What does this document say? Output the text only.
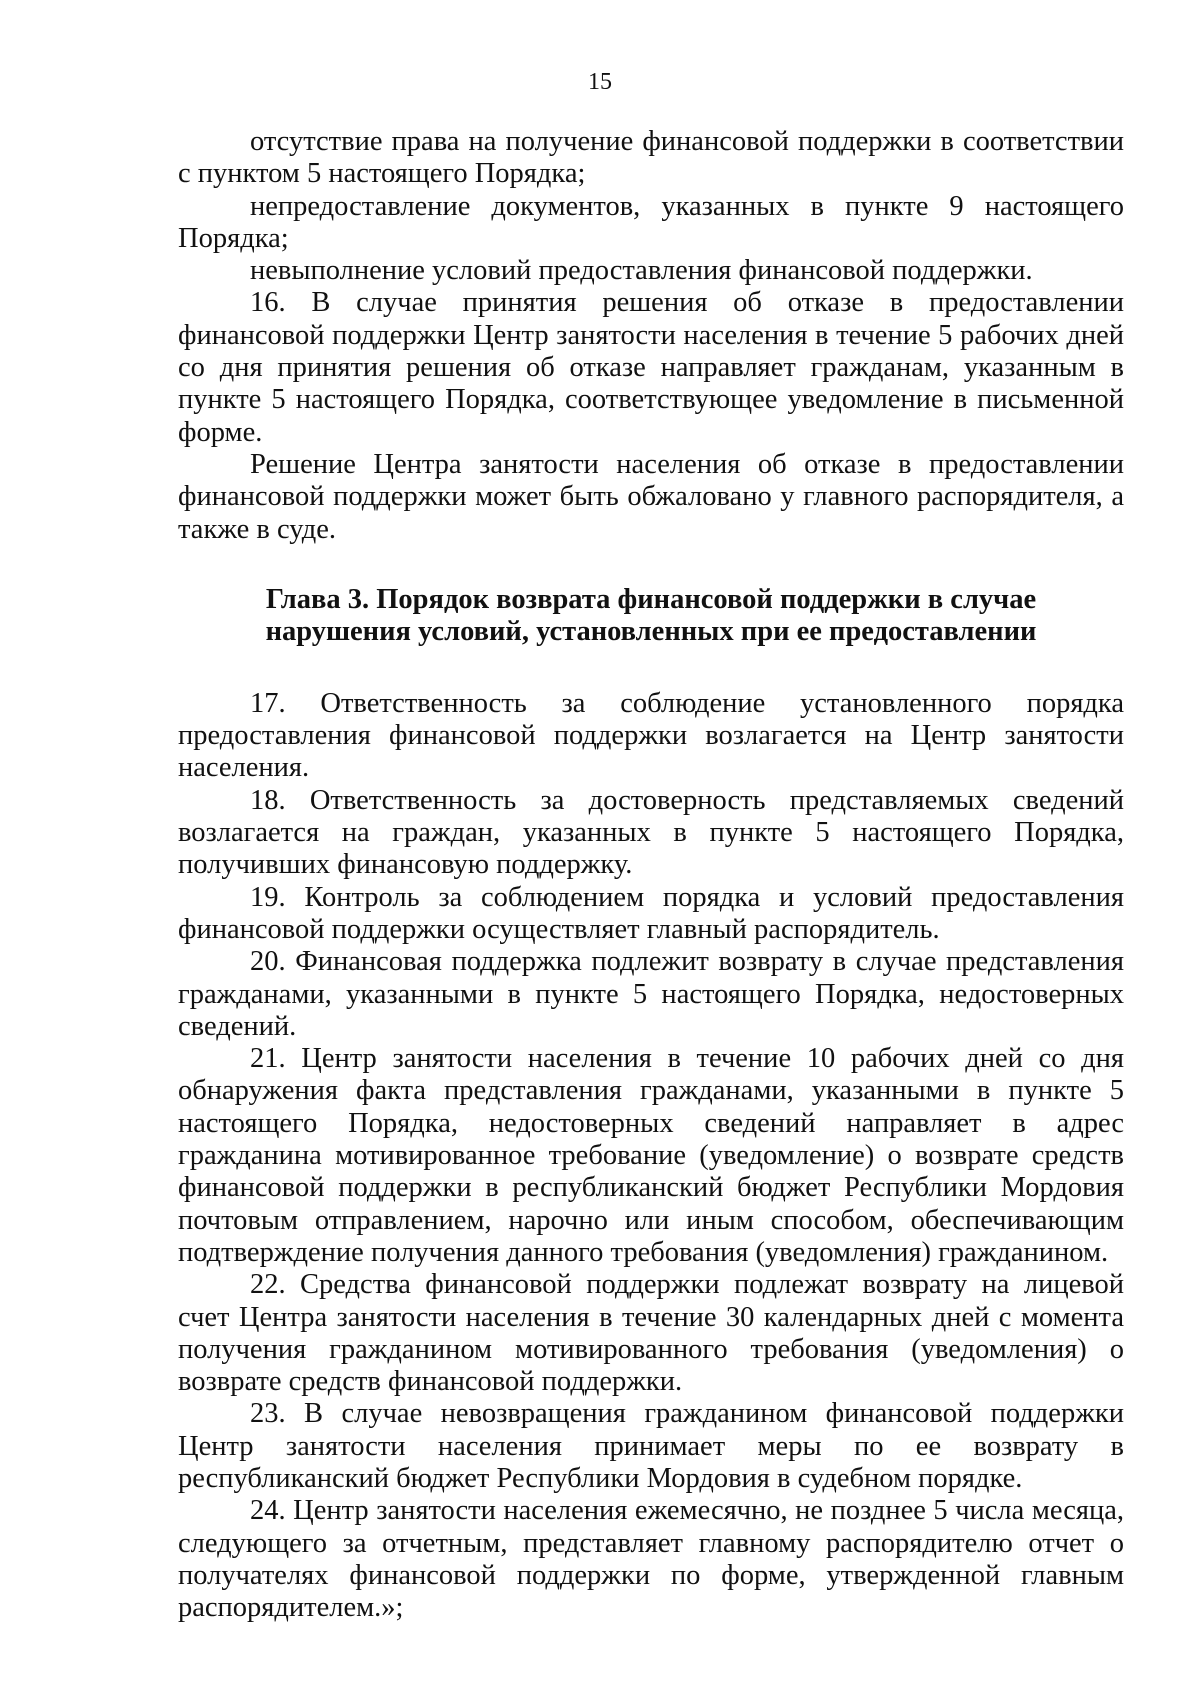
15

отсутствие права на получение финансовой поддержки в соответствии с пунктом 5 настоящего Порядка;

непредоставление документов, указанных в пункте 9 настоящего Порядка;

невыполнение условий предоставления финансовой поддержки.

16. В случае принятия решения об отказе в предоставлении финансовой поддержки Центр занятости населения в течение 5 рабочих дней со дня принятия решения об отказе направляет гражданам, указанным в пункте 5 настоящего Порядка, соответствующее уведомление в письменной форме.

Решение Центра занятости населения об отказе в предоставлении финансовой поддержки может быть обжаловано у главного распорядителя, а также в суде.

Глава 3. Порядок возврата финансовой поддержки в случае
нарушения условий, установленных при ее предоставлении

17. Ответственность за соблюдение установленного порядка предоставления финансовой поддержки возлагается на Центр занятости населения.

18. Ответственность за достоверность представляемых сведений возлагается на граждан, указанных в пункте 5 настоящего Порядка, получивших финансовую поддержку.

19. Контроль за соблюдением порядка и условий предоставления финансовой поддержки осуществляет главный распорядитель.

20. Финансовая поддержка подлежит возврату в случае представления гражданами, указанными в пункте 5 настоящего Порядка, недостоверных сведений.

21. Центр занятости населения в течение 10 рабочих дней со дня обнаружения факта представления гражданами, указанными в пункте 5 настоящего Порядка, недостоверных сведений направляет в адрес гражданина мотивированное требование (уведомление) о возврате средств финансовой поддержки в республиканский бюджет Республики Мордовия почтовым отправлением, нарочно или иным способом, обеспечивающим подтверждение получения данного требования (уведомления) гражданином.

22. Средства финансовой поддержки подлежат возврату на лицевой счет Центра занятости населения в течение 30 календарных дней с момента получения гражданином мотивированного требования (уведомления) о возврате средств финансовой поддержки.

23. В случае невозвращения гражданином финансовой поддержки Центр занятости населения принимает меры по ее возврату в республиканский бюджет Республики Мордовия в судебном порядке.

24. Центр занятости населения ежемесячно, не позднее 5 числа месяца, следующего за отчетным, представляет главному распорядителю отчет о получателях финансовой поддержки по форме, утвержденной главным распорядителем.»;
